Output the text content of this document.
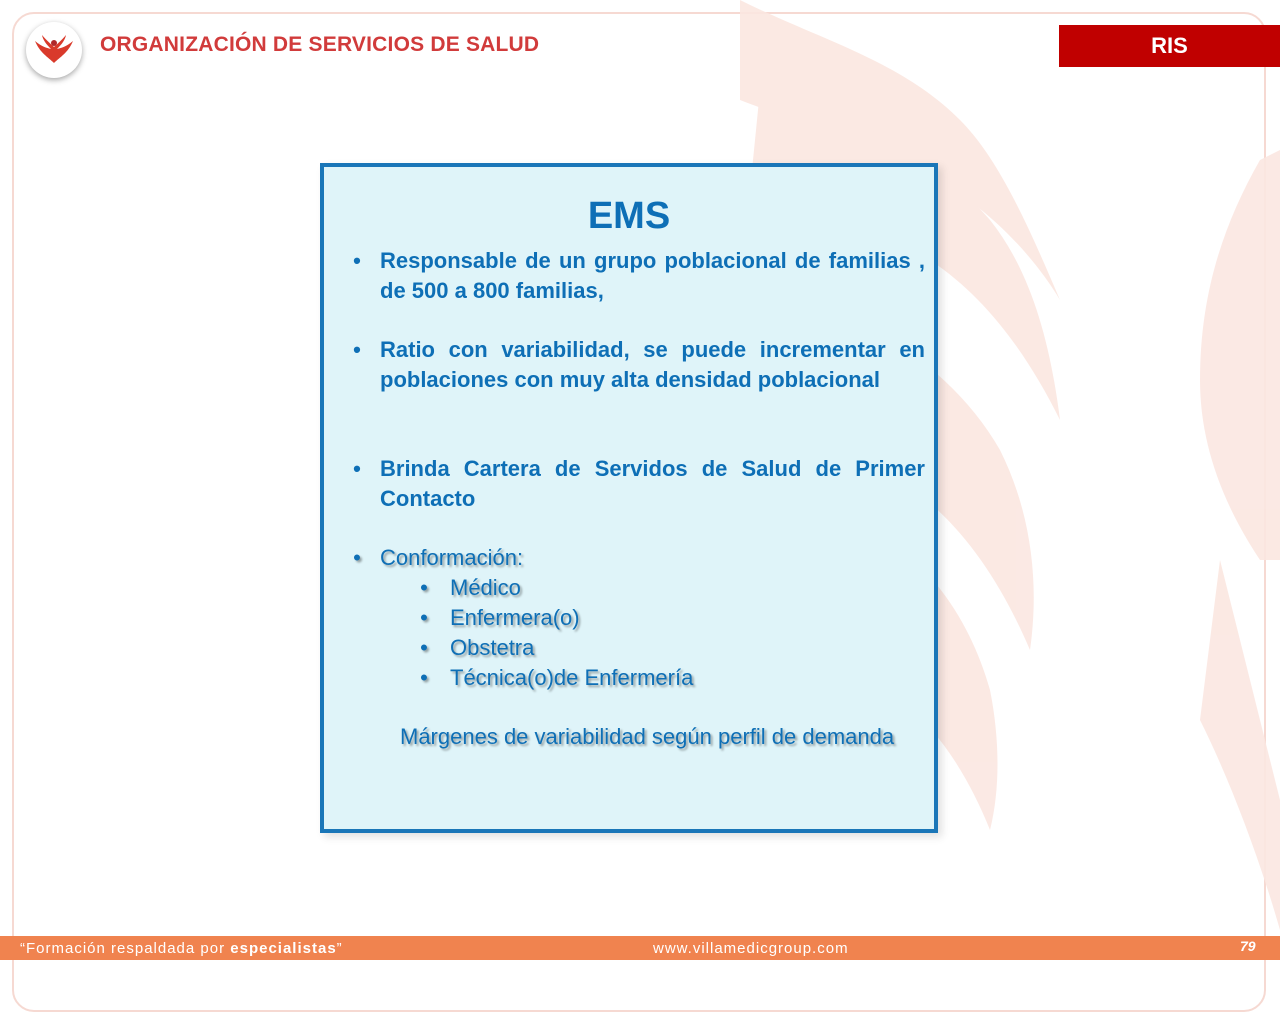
ORGANIZACIÓN DE SERVICIOS DE SALUD	RIS
EMS
• Responsable de un grupo poblacional de familias , de 500 a 800 familias,
• Ratio con variabilidad, se puede incrementar en poblaciones con muy alta densidad poblacional
• Brinda Cartera de Servidos de Salud de Primer Contacto
• Conformación:
•	Médico
•	Enfermera(o)
•	Obstetra
•	Técnica(o)de Enfermería
Márgenes de variabilidad según perfil de demanda
“Formación respaldada por especialistas”	www.villamedicgroup.com	79
